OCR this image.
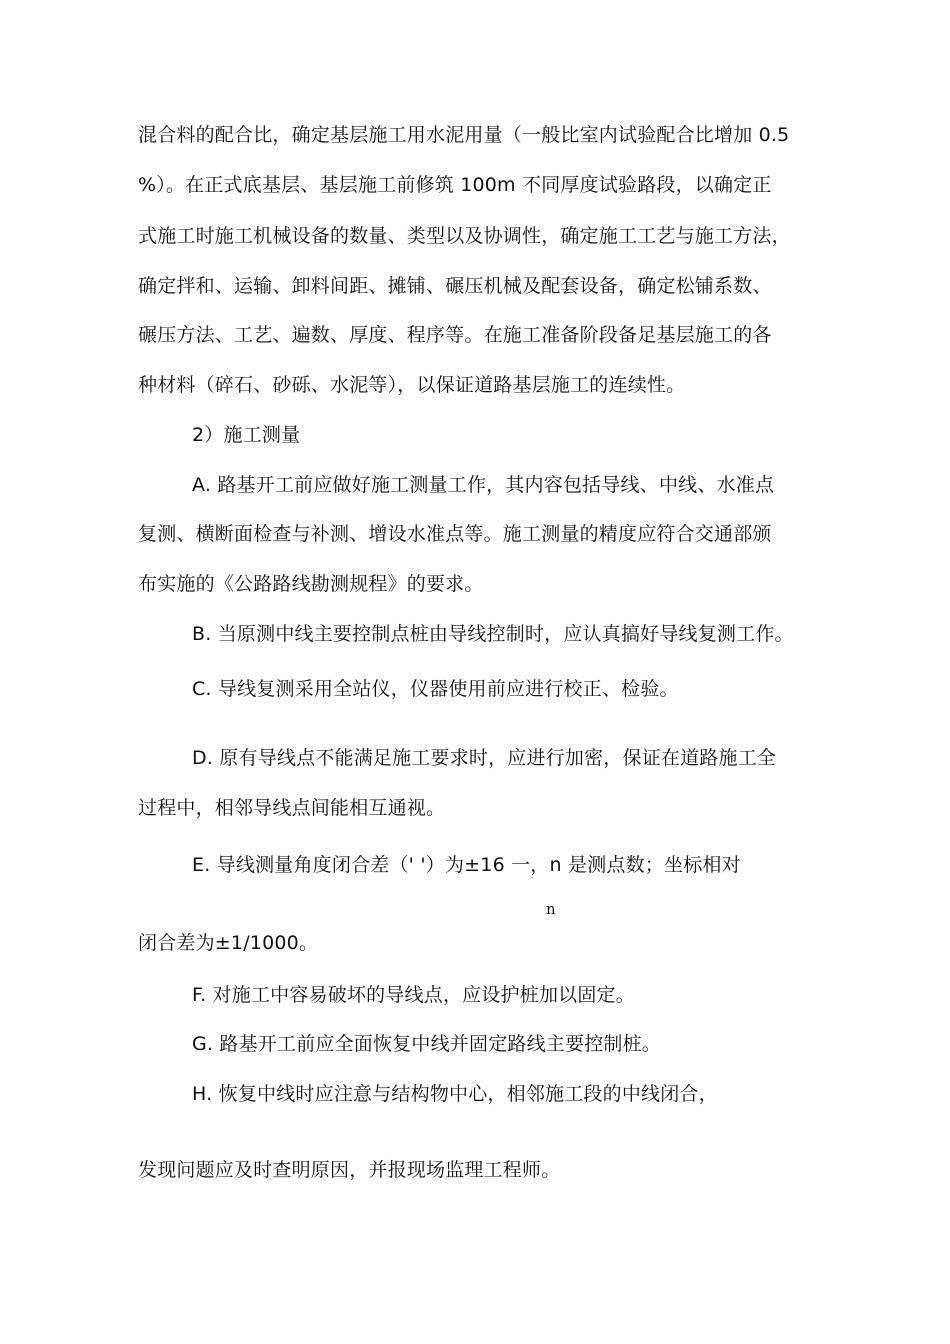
混合料的配合比，确定基层施工用水泥用量（一般比室内试验配合比增加 0.5
%）。在正式底基层、基层施工前修筑 100m 不同厚度试验路段，以确定正
式施工时施工机械设备的数量、类型以及协调性，确定施工工艺与施工方法，
确定拌和、运输、卸料间距、摊铺、碾压机械及配套设备，确定松铺系数、
碾压方法、工艺、遍数、厚度、程序等。在施工准备阶段备足基层施工的各
种材料（碎石、砂砾、水泥等），以保证道路基层施工的连续性。
2）施工测量
A. 路基开工前应做好施工测量工作，其内容包括导线、中线、水准点
复测、横断面检查与补测、增设水准点等。施工测量的精度应符合交通部颁
布实施的《公路路线勘测规程》的要求。
B. 当原测中线主要控制点桩由导线控制时，应认真搞好导线复测工作。
C. 导线复测采用全站仪，仪器使用前应进行校正、检验。
D. 原有导线点不能满足施工要求时，应进行加密，保证在道路施工全
过程中，相邻导线点间能相互通视。
E. 导线测量角度闭合差（' '）为±16 一，n 是测点数；坐标相对
n
闭合差为±1/1000。
F. 对施工中容易破坏的导线点，应设护桩加以固定。
G. 路基开工前应全面恢复中线并固定路线主要控制桩。
H. 恢复中线时应注意与结构物中心，相邻施工段的中线闭合，
发现问题应及时查明原因，并报现场监理工程师。
